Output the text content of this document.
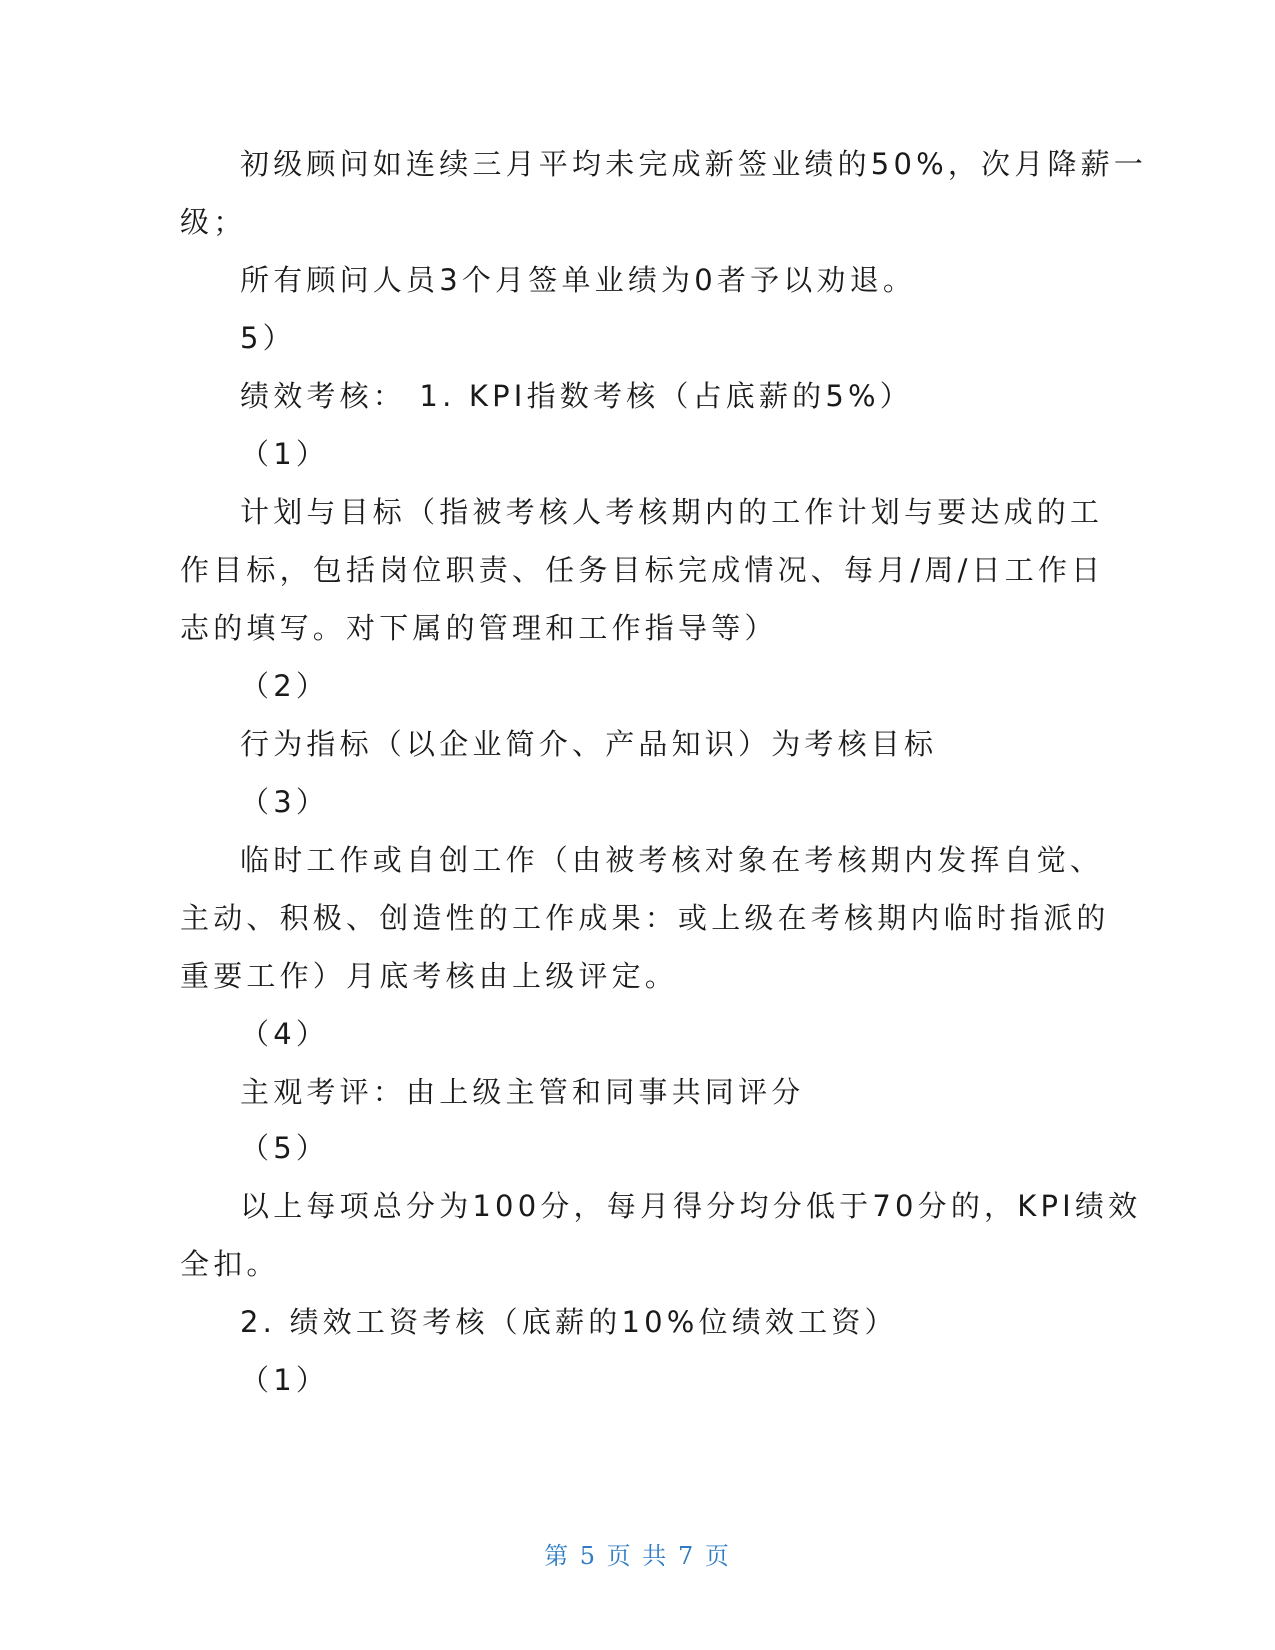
初级顾问如连续三月平均未完成新签业绩的50%，次月降薪一
级；
所有顾问人员3个月签单业绩为0者予以劝退。
5）
绩效考核： 1. KPI指数考核（占底薪的5%）
（1）
计划与目标（指被考核人考核期内的工作计划与要达成的工
作目标，包括岗位职责、任务目标完成情况、每月/周/日工作日
志的填写。对下属的管理和工作指导等）
（2）
行为指标（以企业简介、产品知识）为考核目标
（3）
临时工作或自创工作（由被考核对象在考核期内发挥自觉、
主动、积极、创造性的工作成果：或上级在考核期内临时指派的
重要工作）月底考核由上级评定。
（4）
主观考评：由上级主管和同事共同评分
（5）
以上每项总分为100分，每月得分均分低于70分的，KPI绩效
全扣。
2. 绩效工资考核（底薪的10%位绩效工资）
（1）
第 5 页 共 7 页
